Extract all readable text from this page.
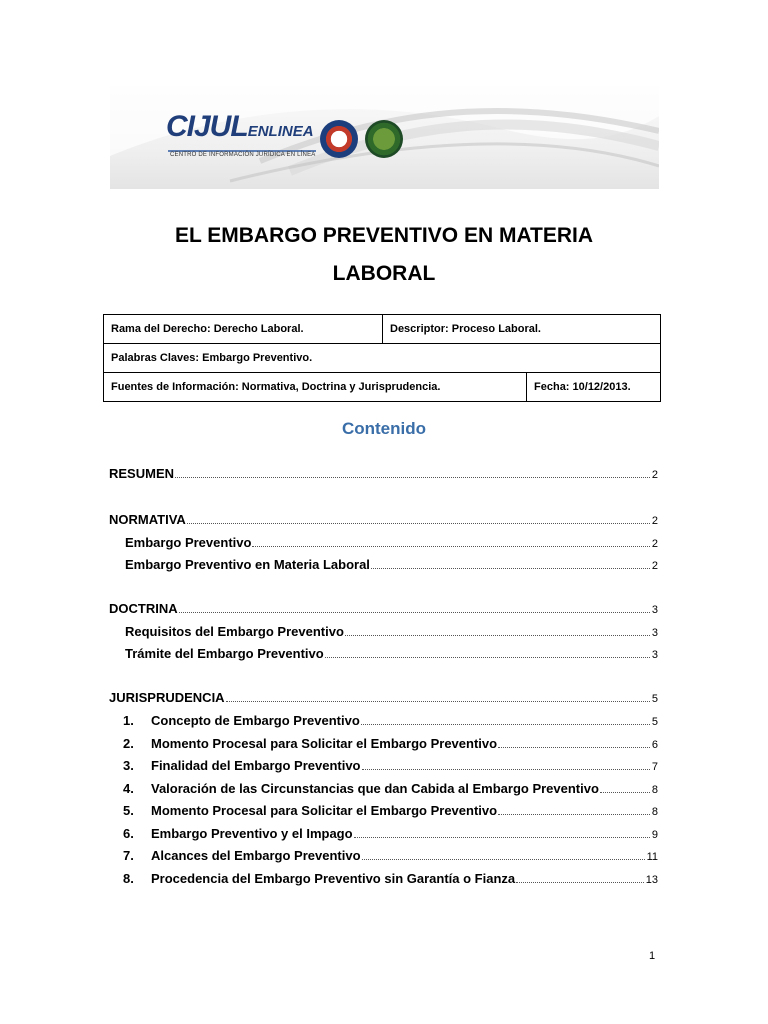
CIJULENLINEA
CENTRO DE INFORMACIÓN JURÍDICA EN LÍNEA
EL EMBARGO PREVENTIVO EN MATERIA
LABORAL
Rama del Derecho: Derecho Laboral.	Descriptor: Proceso Laboral.	
Palabras Claves: Embargo Preventivo.		
Fuentes de Información: Normativa, Doctrina y Jurisprudencia.		Fecha: 10/12/2013.
Contenido
RESUMEN	2
NORMATIVA	2
Embargo Preventivo	2
Embargo Preventivo en Materia Laboral	2
DOCTRINA	3
Requisitos del Embargo Preventivo	3
Trámite del Embargo Preventivo	3
JURISPRUDENCIA	5
1.	Concepto de Embargo Preventivo	5
2.	Momento Procesal para Solicitar el Embargo Preventivo	6
3.	Finalidad del Embargo Preventivo	7
4.	Valoración de las Circunstancias que dan Cabida al Embargo Preventivo	8
5.	Momento Procesal para Solicitar el Embargo Preventivo	8
6.	Embargo Preventivo y el Impago	9
7.	Alcances del Embargo Preventivo	11
8.	Procedencia del Embargo Preventivo sin Garantía o Fianza	13
1
